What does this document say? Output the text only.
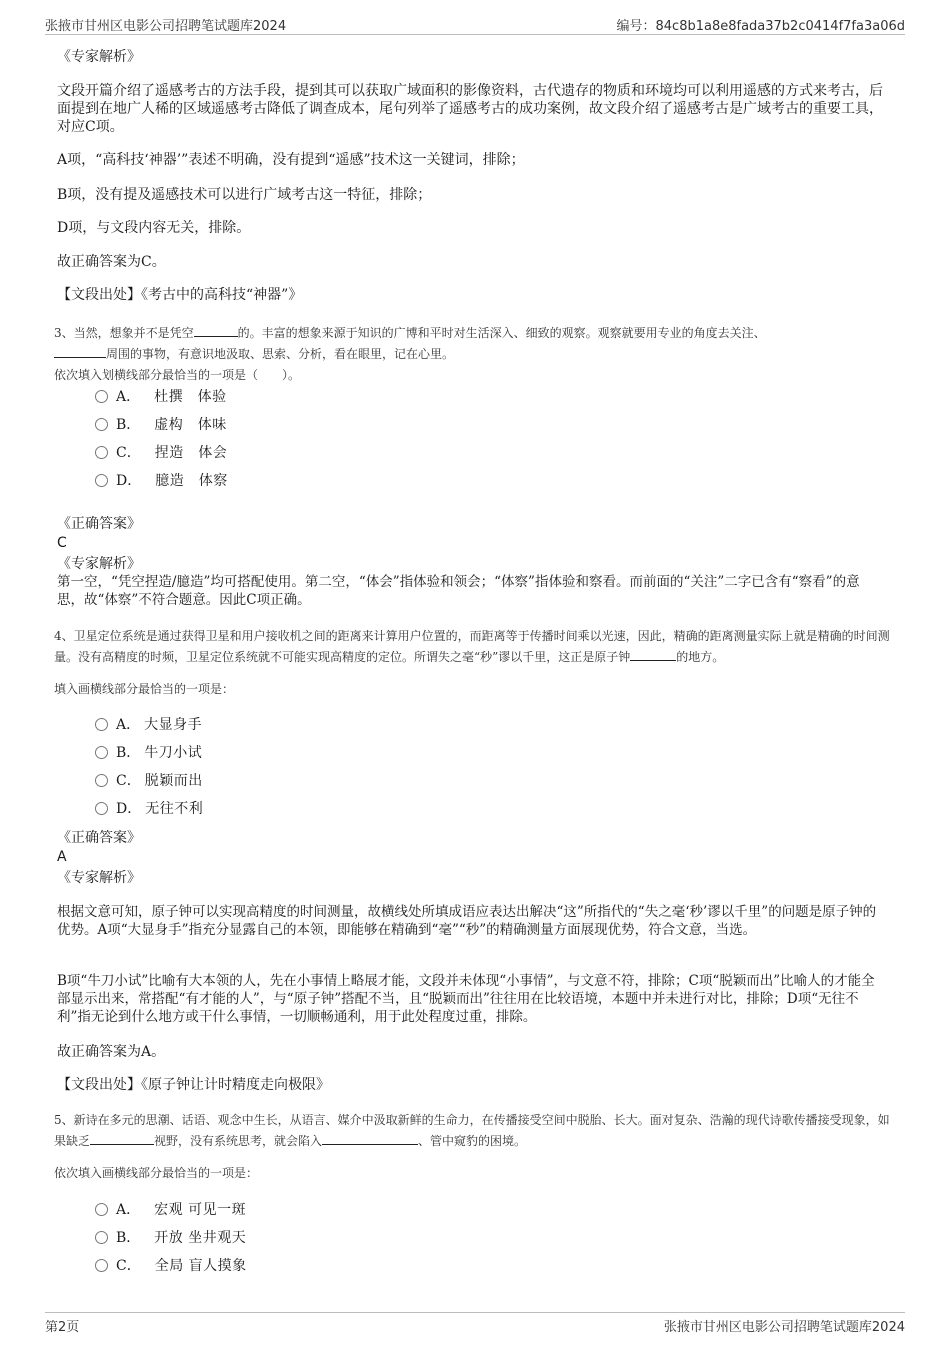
张掖市甘州区电影公司招聘笔试题库2024	编号：84c8b1a8e8fada37b2c0414f7fa3a06d
《专家解析》
文段开篇介绍了遥感考古的方法手段，提到其可以获取广域面积的影像资料，古代遗存的物质和环境均可以利用遥感的方式来考古，后面提到在地广人稀的区域遥感考古降低了调查成本，尾句列举了遥感考古的成功案例，故文段介绍了遥感考古是广域考古的重要工具，对应C项。
A项，“高科技‘神器’”表述不明确，没有提到“遥感”技术这一关键词，排除；
B项，没有提及遥感技术可以进行广域考古这一特征，排除；
D项，与文段内容无关，排除。
故正确答案为C。
【文段出处】《考古中的高科技“神器”》
3、当然，想象并不是凭空	的。丰富的想象来源于知识的广博和平时对生活深入、细致的观察。观察就要用专业的角度去关注、
周围的事物，有意识地汲取、思索、分析，看在眼里，记在心里。
依次填入划横线部分最恰当的一项是（　　）。
A． 杜撰　体验
B． 虚构　体味
C． 捏造　体会
D． 臆造　体察
《正确答案》
C
《专家解析》
第一空，“凭空捏造/臆造”均可搭配使用。第二空，“体会”指体验和领会；“体察”指体验和察看。而前面的“关注”二字已含有“察看”的意思，故“体察”不符合题意。因此C项正确。
4、卫星定位系统是通过获得卫星和用户接收机之间的距离来计算用户位置的，而距离等于传播时间乘以光速，因此，精确的距离测量实际上就是精确的时间测量。没有高精度的时频，卫星定位系统就不可能实现高精度的定位。所谓失之毫“秒”谬以千里，这正是原子钟	的地方。
填入画横线部分最恰当的一项是：
A． 大显身手
B． 牛刀小试
C． 脱颖而出
D． 无往不利
《正确答案》
A
《专家解析》
根据文意可知，原子钟可以实现高精度的时间测量，故横线处所填成语应表达出解决“这”所指代的“失之毫‘秒’谬以千里”的问题是原子钟的优势。A项“大显身手”指充分显露自己的本领，即能够在精确到“毫”“秒”的精确测量方面展现优势，符合文意，当选。
B项“牛刀小试”比喻有大本领的人，先在小事情上略展才能，文段并未体现“小事情”，与文意不符，排除；C项“脱颖而出”比喻人的才能全部显示出来，常搭配“有才能的人”，与“原子钟”搭配不当，且“脱颖而出”往往用在比较语境，本题中并未进行对比，排除；D项“无往不利”指无论到什么地方或干什么事情，一切顺畅通利，用于此处程度过重，排除。
故正确答案为A。
【文段出处】《原子钟让计时精度走向极限》
5、新诗在多元的思潮、话语、观念中生长，从语言、媒介中汲取新鲜的生命力，在传播接受空间中脱胎、长大。面对复杂、浩瀚的现代诗歌传播接受现象，如果缺乏	视野，没有系统思考，就会陷入	、管中窥豹的困境。
依次填入画横线部分最恰当的一项是：
A． 宏观 可见一斑
B． 开放 坐井观天
C． 全局 盲人摸象
第2页	张掖市甘州区电影公司招聘笔试题库2024
